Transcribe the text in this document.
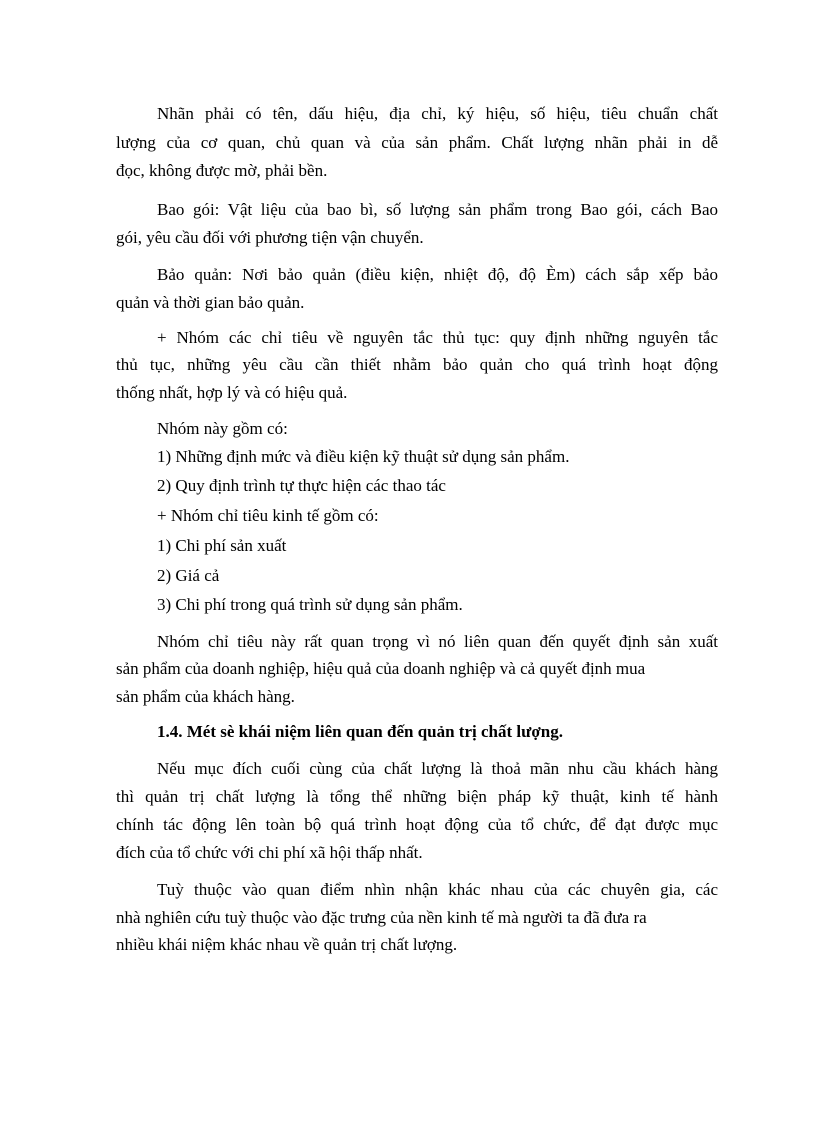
Nhãn phải có tên, dấu hiệu, địa chỉ, ký hiệu, số hiệu, tiêu chuẩn chất

lượng của cơ quan, chủ quan và của sản phẩm. Chất lượng nhãn phải in dễ

đọc, không được mờ, phải bền.

Bao gói: Vật liệu của bao bì, số lượng sản phẩm trong Bao gói, cách Bao

gói, yêu cầu đối với phương tiện vận chuyển.

Bảo quản: Nơi bảo quản (điều kiện, nhiệt độ, độ Èm) cách sắp xếp bảo

quản và thời gian bảo quản.

+ Nhóm các chỉ tiêu về nguyên tắc thủ tục: quy định những nguyên tắc

thủ tục, những yêu cầu cần thiết nhằm bảo quản cho quá trình hoạt động

thống nhất, hợp lý và có hiệu quả.

Nhóm này gồm có:

1) Những định mức và điều kiện kỹ thuật sử dụng sản phẩm.

2) Quy định trình tự thực hiện các thao tác

+ Nhóm chỉ tiêu kinh tế gồm có:

1) Chi phí sản xuất

2) Giá cả

3) Chi phí trong quá trình sử dụng sản phẩm.

Nhóm chỉ tiêu này rất quan trọng vì nó liên quan đến quyết định sản xuất

sản phẩm của doanh nghiệp, hiệu quả của doanh nghiệp và cả quyết định mua

sản phẩm của khách hàng.

1.4. Mét sè khái niệm liên quan đến quản trị chất lượng.

Nếu mục đích cuối cùng của chất lượng là thoả mãn nhu cầu khách hàng

thì quản trị chất lượng là tổng thể những biện pháp kỹ thuật, kinh tế hành

chính tác động lên toàn bộ quá trình hoạt động của tổ chức, để đạt được mục

đích của tổ chức với chi phí xã hội thấp nhất.

Tuỳ thuộc vào quan điểm nhìn nhận khác nhau của các chuyên gia, các

nhà nghiên cứu tuỳ thuộc vào đặc trưng của nền kinh tế mà người ta đã đưa ra

nhiều khái niệm khác nhau về quản trị chất lượng.
